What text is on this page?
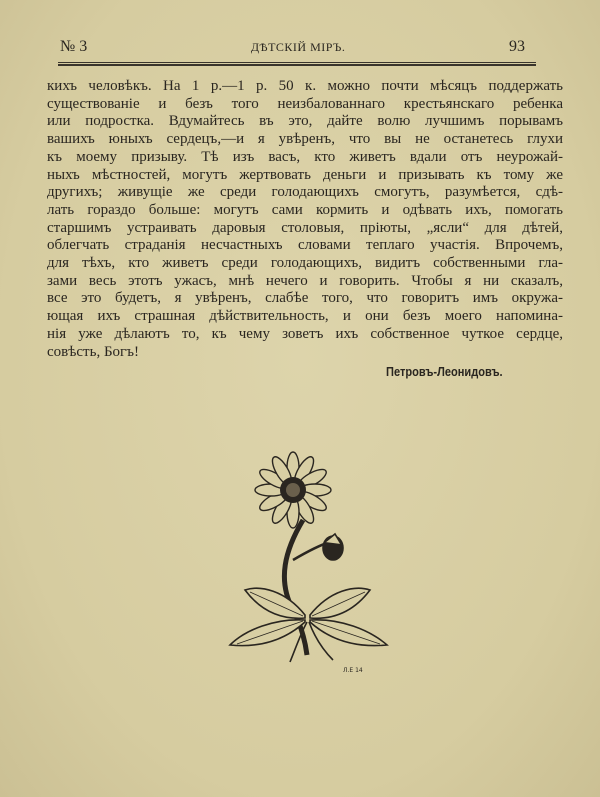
№ 3	ДѢТСКІЙ МІРЪ.	93
кихъ человѣкъ. На 1 р.—1 р. 50 к. можно почти мѣсяцъ поддержать
существованіе и безъ того неизбалованнаго крестьянскаго ребенка
или подростка. Вдумайтесь въ это, дайте волю лучшимъ порывамъ
вашихъ юныхъ сердецъ,—и я увѣренъ, что вы не останетесь глухи
къ моему призыву. Тѣ изъ васъ, кто живетъ вдали отъ неурожай-
ныхъ мѣстностей, могутъ жертвовать деньги и призывать къ тому же
другихъ; живущіе же среди голодающихъ смогутъ, разумѣется, сдѣ-
лать гораздо больше: могутъ сами кормить и одѣвать ихъ, помогать
старшимъ устраивать даровыя столовыя, пріюты, „ясли“ для дѣтей,
облегчать страданія несчастныхъ словами теплаго участія. Впрочемъ,
для тѣхъ, кто живетъ среди голодающихъ, видитъ собственными гла-
зами весь этотъ ужасъ, мнѣ нечего и говорить. Чтобы я ни сказалъ,
все это будетъ, я увѣренъ, слабѣе того, что говоритъ имъ окружа-
ющая ихъ страшная дѣйствительность, и они безъ моего напомина-
нія уже дѣлаютъ то, къ чему зоветъ ихъ собственное чуткое сердце,
совѣсть, Богъ!
Петровъ-Леонидовъ.
Л.Е 14
